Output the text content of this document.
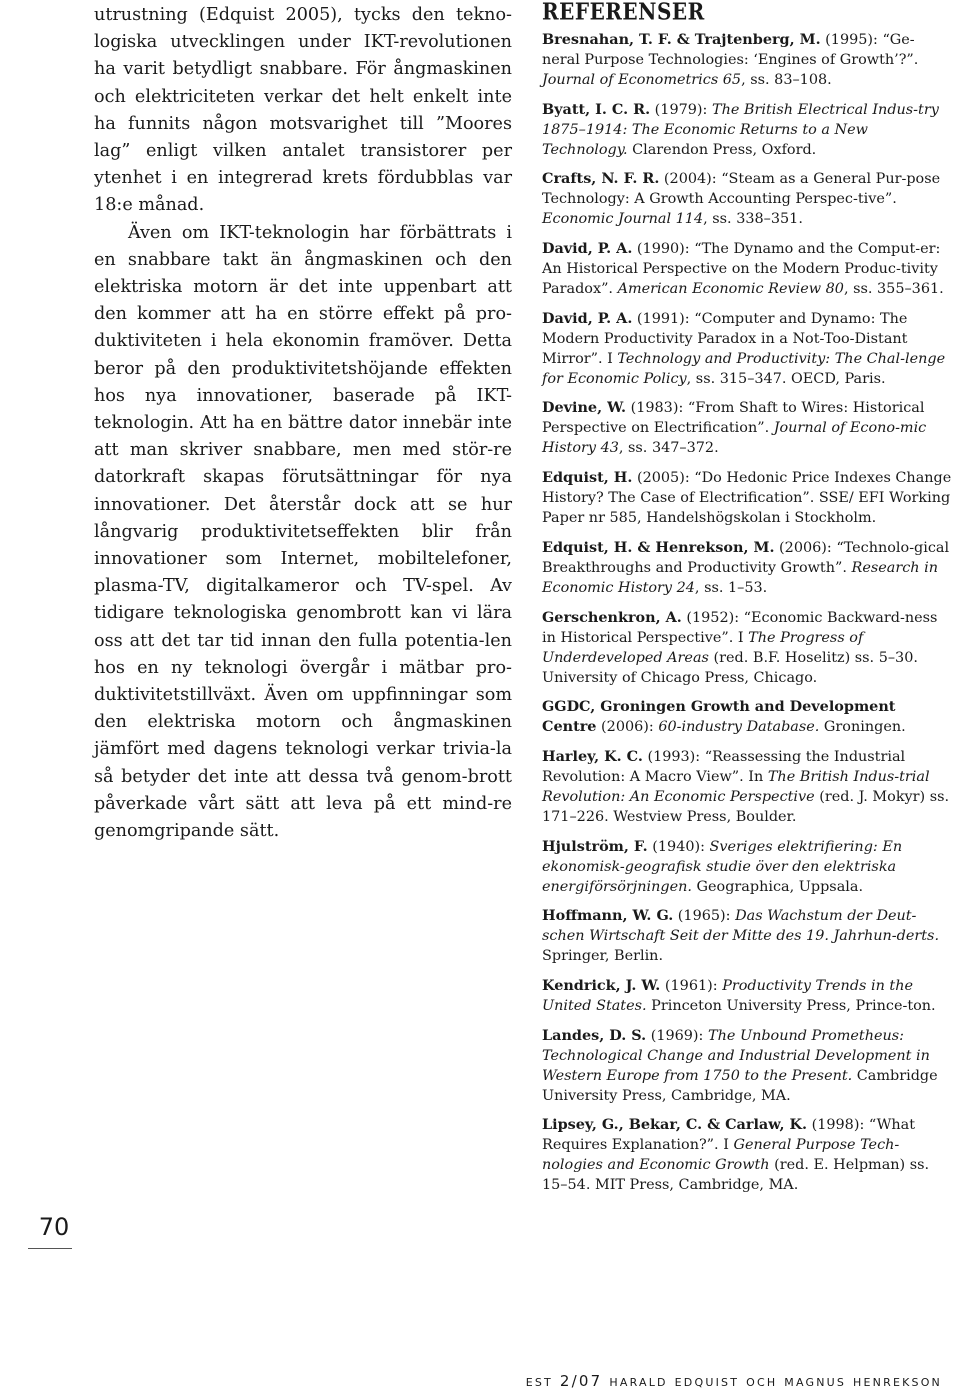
70

utrustning (Edquist 2005), tycks den tekno-logiska utvecklingen under IKT-revolutionen ha varit betydligt snabbare. För ångmaskinen och elektriciteten verkar det helt enkelt inte ha funnits någon motsvarighet till ”Moores lag” enligt vilken antalet transistorer per ytenhet i en integrerad krets fördubblas var 18:e månad.

Även om IKT-teknologin har förbättrats i en snabbare takt än ångmaskinen och den elektriska motorn är det inte uppenbart att den kommer att ha en större effekt på pro-duktiviteten i hela ekonomin framöver. Detta beror på den produktivitetshöjande effekten hos nya innovationer, baserade på IKT-teknologin. Att ha en bättre dator innebär inte att man skriver snabbare, men med stör-re datorkraft skapas förutsättningar för nya innovationer. Det återstår dock att se hur långvarig produktivitetseffekten blir från innovationer som Internet, mobiltelefoner, plasma-TV, digitalkameror och TV-spel. Av tidigare teknologiska genombrott kan vi lära oss att det tar tid innan den fulla potentia-len hos en ny teknologi övergår i mätbar pro-duktivitetstillväxt. Även om uppfinningar som den elektriska motorn och ångmaskinen jämfört med dagens teknologi verkar trivia-la så betyder det inte att dessa två genom-brott påverkade vårt sätt att leva på ett mind-re genomgripande sätt.

REFERENSER
Bresnahan, T. F. & Trajtenberg, M. (1995): “Ge-neral Purpose Technologies: ‘Engines of Growth’?”. Journal of Econometrics 65, ss. 83–108.
Byatt, I. C. R. (1979): The British Electrical Indus-try 1875–1914: The Economic Returns to a New Technology. Clarendon Press, Oxford.
Crafts, N. F. R. (2004): “Steam as a General Pur-pose Technology: A Growth Accounting Perspec-tive”. Economic Journal 114, ss. 338–351.
David, P. A. (1990): “The Dynamo and the Comput-er: An Historical Perspective on the Modern Produc-tivity Paradox”. American Economic Review 80, ss. 355–361.
David, P. A. (1991): “Computer and Dynamo: The Modern Productivity Paradox in a Not-Too-Distant Mirror”. I Technology and Productivity: The Chal-lenge for Economic Policy, ss. 315–347. OECD, Paris.
Devine, W. (1983): “From Shaft to Wires: Historical Perspective on Electrification”. Journal of Econo-mic History 43, ss. 347–372.
Edquist, H. (2005): “Do Hedonic Price Indexes Change History? The Case of Electrification”. SSE/ EFI Working Paper nr 585, Handelshögskolan i Stockholm.
Edquist, H. & Henrekson, M. (2006): “Technolo-gical Breakthroughs and Productivity Growth”. Research in Economic History 24, ss. 1–53.
Gerschenkron, A. (1952): “Economic Backward-ness in Historical Perspective”. I The Progress of Underdeveloped Areas (red. B.F. Hoselitz) ss. 5–30. University of Chicago Press, Chicago.
GGDC, Groningen Growth and Development Centre (2006): 60-industry Database. Groningen.
Harley, K. C. (1993): “Reassessing the Industrial Revolution: A Macro View”. In The British Indus-trial Revolution: An Economic Perspective (red. J. Mokyr) ss. 171–226. Westview Press, Boulder.
Hjulström, F. (1940): Sveriges elektrifiering: En ekonomisk-geografisk studie över den elektriska energiförsörjningen. Geographica, Uppsala.
Hoffmann, W. G. (1965): Das Wachstum der Deut-schen Wirtschaft Seit der Mitte des 19. Jahrhun-derts. Springer, Berlin.
Kendrick, J. W. (1961): Productivity Trends in the United States. Princeton University Press, Prince-ton.
Landes, D. S. (1969): The Unbound Prometheus: Technological Change and Industrial Development in Western Europe from 1750 to the Present. Cambridge University Press, Cambridge, MA.
Lipsey, G., Bekar, C. & Carlaw, K. (1998): “What Requires Explanation?”. I General Purpose Tech-nologies and Economic Growth (red. E. Helpman) ss. 15–54. MIT Press, Cambridge, MA.
est 2/07 harald edquist och magnus henrekson
